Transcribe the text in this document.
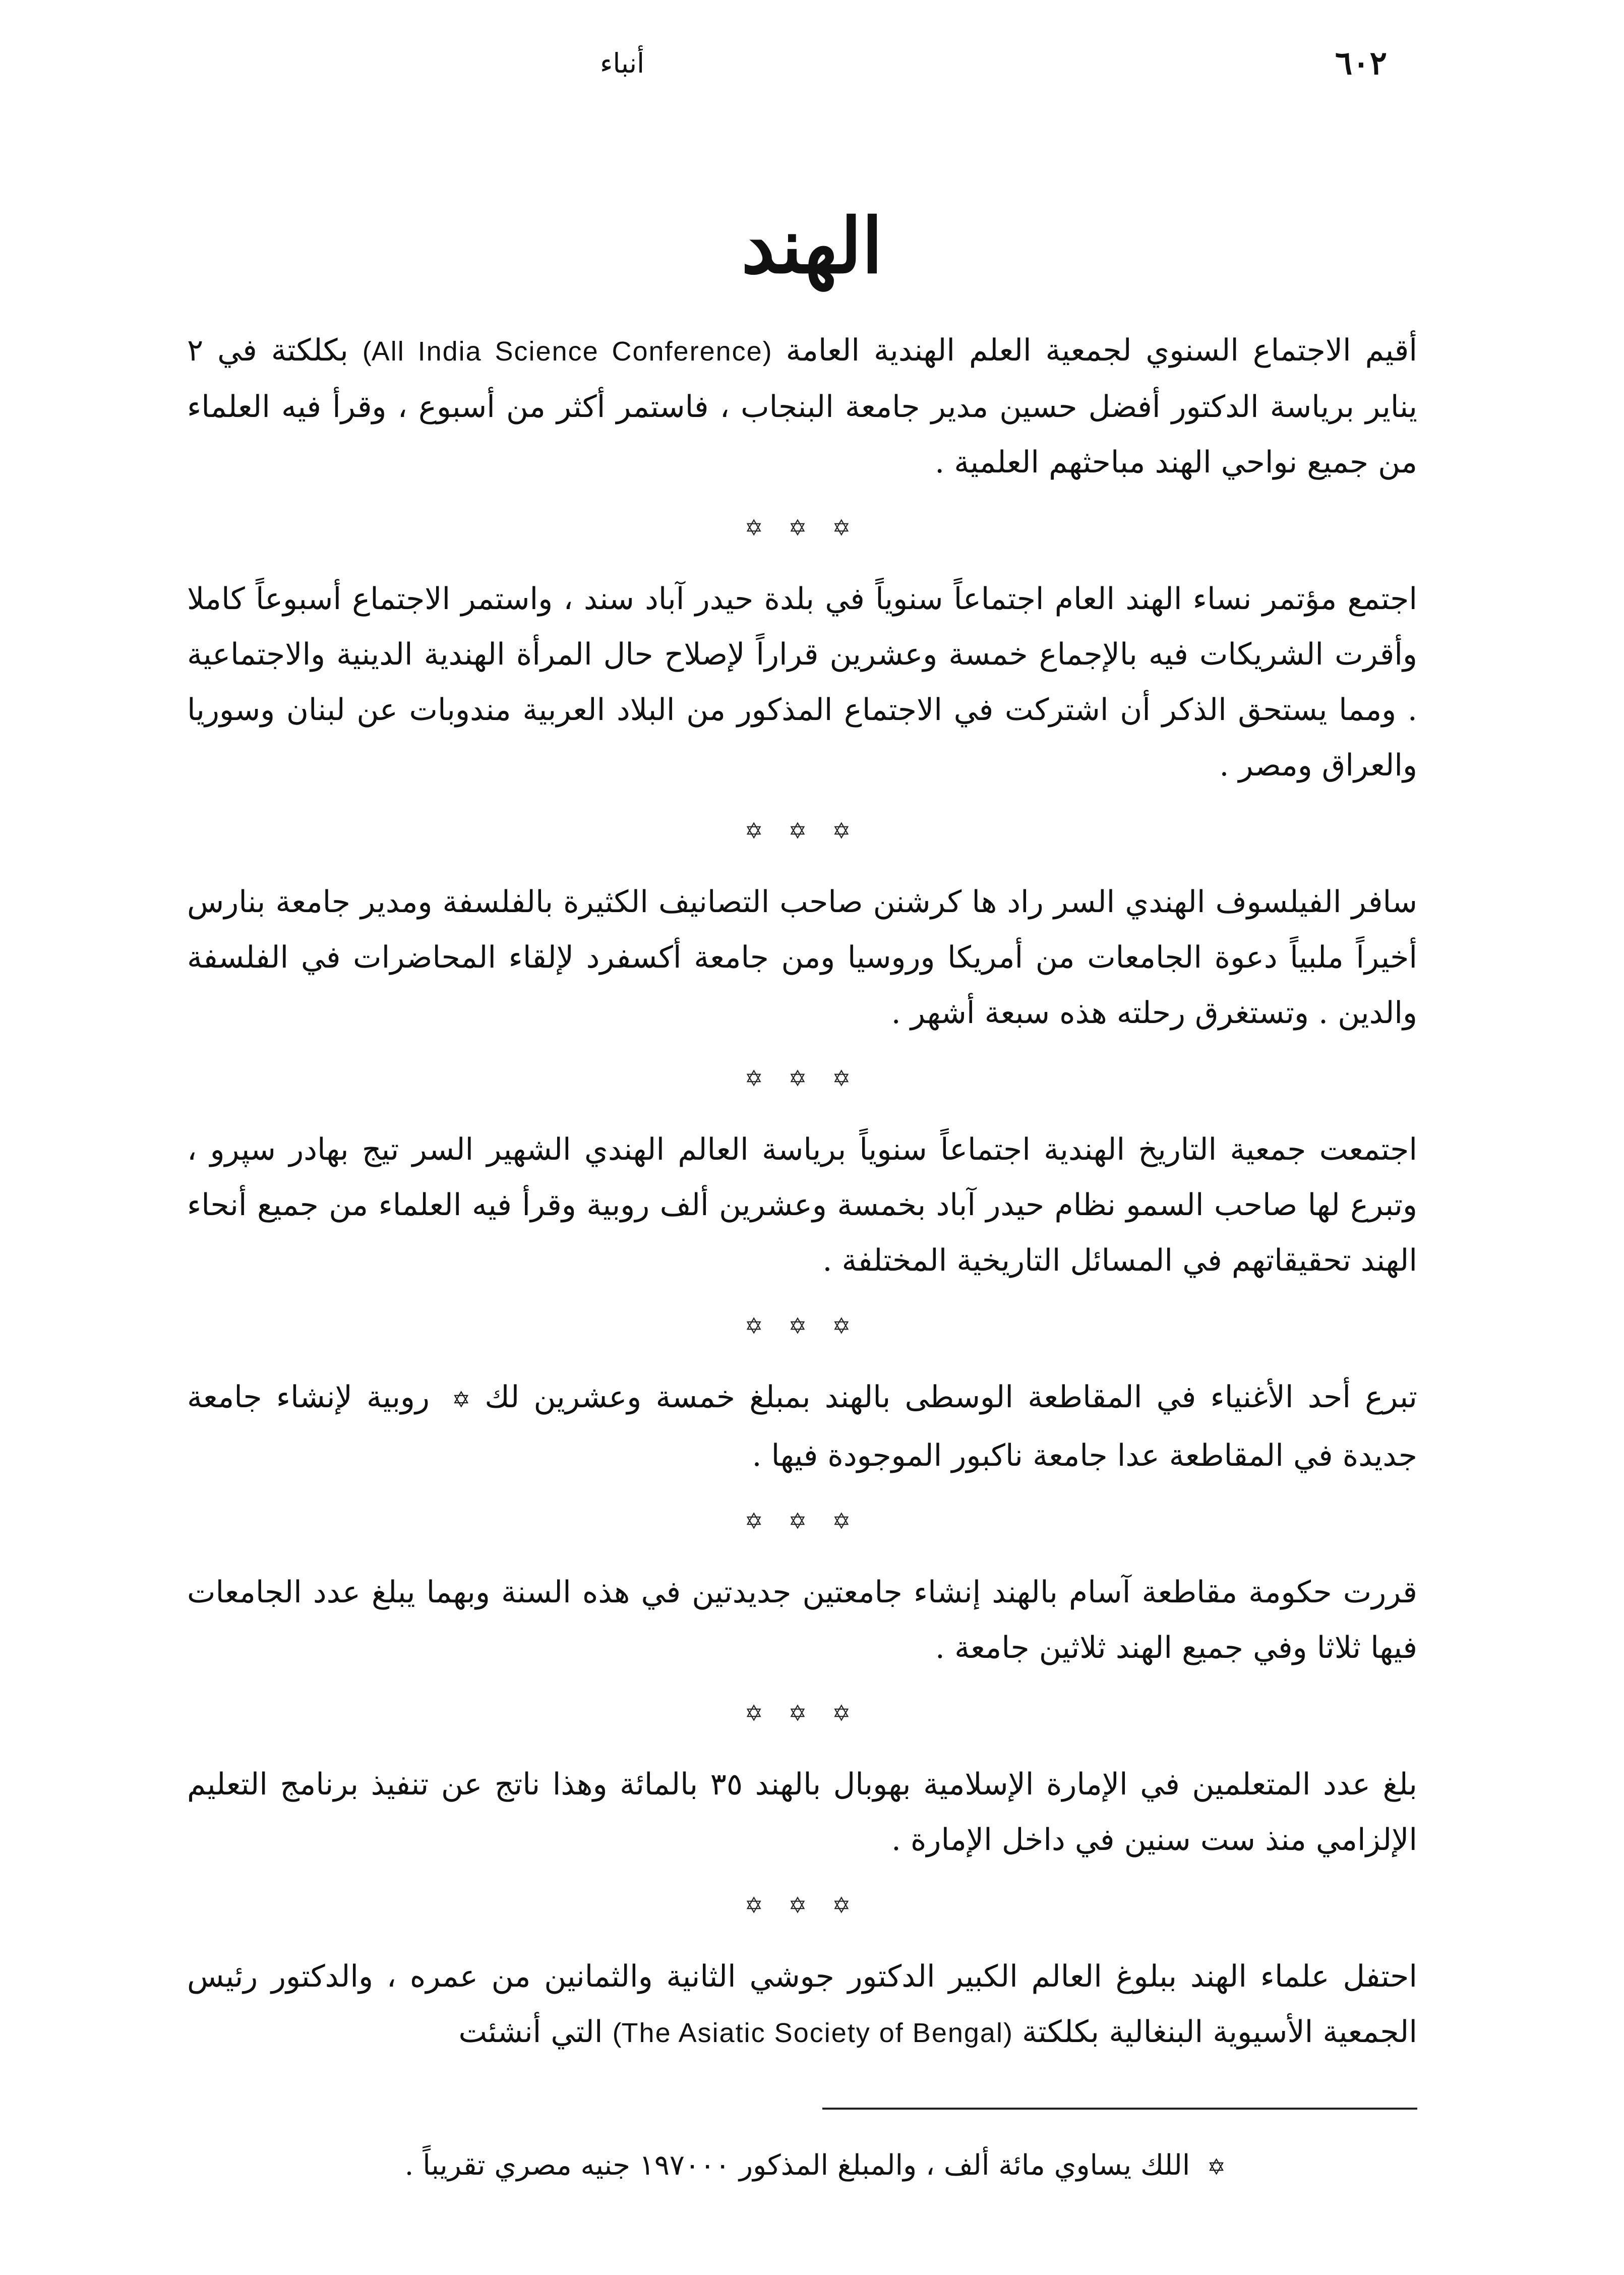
٦٠٢
أنباء
الهند

أقيم الاجتماع السنوي لجمعية العلم الهندية العامة (All India Science Conference) بكلكتة في ٢ يناير برياسة الدكتور أفضل حسين مدير جامعة البنجاب ، فاستمر أكثر من أسبوع ، وقرأ فيه العلماء من جميع نواحي الهند مباحثهم العلمية .

✡ ✡ ✡

اجتمع مؤتمر نساء الهند العام اجتماعاً سنوياً في بلدة حيدر آباد سند ، واستمر الاجتماع أسبوعاً كاملا وأقرت الشريكات فيه بالإجماع خمسة وعشرين قراراً لإصلاح حال المرأة الهندية الدينية والاجتماعية . ومما يستحق الذكر أن اشتركت في الاجتماع المذكور من البلاد العربية مندوبات عن لبنان وسوريا والعراق ومصر .

✡ ✡ ✡

سافر الفيلسوف الهندي السر راد ها كرشنن صاحب التصانيف الكثيرة بالفلسفة ومدير جامعة بنارس أخيراً ملبياً دعوة الجامعات من أمريكا وروسيا ومن جامعة أكسفرد لإلقاء المحاضرات في الفلسفة والدين . وتستغرق رحلته هذه سبعة أشهر .

✡ ✡ ✡

اجتمعت جمعية التاريخ الهندية اجتماعاً سنوياً برياسة العالم الهندي الشهير السر تيج بهادر سپرو ، وتبرع لها صاحب السمو نظام حيدر آباد بخمسة وعشرين ألف روبية وقرأ فيه العلماء من جميع أنحاء الهند تحقيقاتهم في المسائل التاريخية المختلفة .

✡ ✡ ✡

تبرع أحد الأغنياء في المقاطعة الوسطى بالهند بمبلغ خمسة وعشرين لك ✡ روبية لإنشاء جامعة جديدة في المقاطعة عدا جامعة ناكبور الموجودة فيها .

✡ ✡ ✡

قررت حكومة مقاطعة آسام بالهند إنشاء جامعتين جديدتين في هذه السنة وبهما يبلغ عدد الجامعات فيها ثلاثا وفي جميع الهند ثلاثين جامعة .

✡ ✡ ✡

بلغ عدد المتعلمين في الإمارة الإسلامية بهوبال بالهند ٣٥ بالمائة وهذا ناتج عن تنفيذ برنامج التعليم الإلزامي منذ ست سنين في داخل الإمارة .

✡ ✡ ✡

احتفل علماء الهند ببلوغ العالم الكبير الدكتور جوشي الثانية والثمانين من عمره ، والدكتور رئيس الجمعية الأسيوية البنغالية بكلكتة (The Asiatic Society of Bengal) التي أنشئت

✡ اللك يساوي مائة ألف ، والمبلغ المذكور ١٩٧٠٠٠ جنيه مصري تقريباً .
